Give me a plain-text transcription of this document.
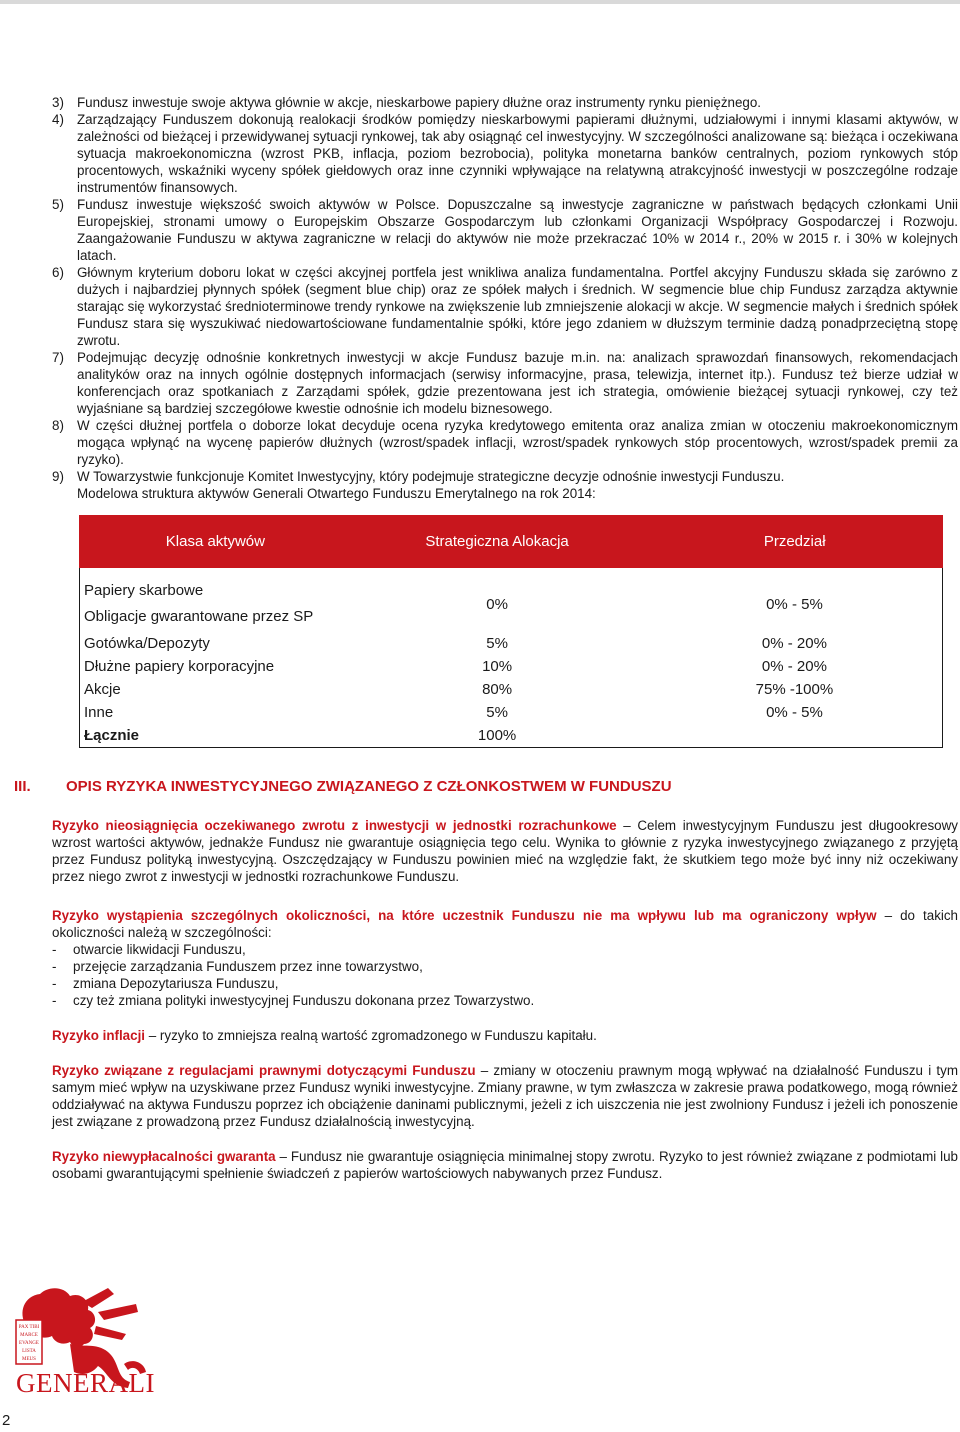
3) Fundusz inwestuje swoje aktywa głównie w akcje, nieskarbowe papiery dłużne oraz instrumenty rynku pieniężnego.
4) Zarządzający Funduszem dokonują realokacji środków pomiędzy nieskarbowymi papierami dłużnymi, udziałowymi i innymi klasami aktywów, w zależności od bieżącej i przewidywanej sytuacji rynkowej, tak aby osiągnąć cel inwestycyjny. W szczególności analizowane są: bieżąca i oczekiwana sytuacja makroekonomiczna (wzrost PKB, inflacja, poziom bezrobocia), polityka monetarna banków centralnych, poziom rynkowych stóp procentowych, wskaźniki wyceny spółek giełdowych oraz inne czynniki wpływające na relatywną atrakcyjność inwestycji w poszczególne rodzaje instrumentów finansowych.
5) Fundusz inwestuje większość swoich aktywów w Polsce. Dopuszczalne są inwestycje zagraniczne w państwach będących członkami Unii Europejskiej, stronami umowy o Europejskim Obszarze Gospodarczym lub członkami Organizacji Współpracy Gospodarczej i Rozwoju. Zaangażowanie Funduszu w aktywa zagraniczne w relacji do aktywów nie może przekraczać 10% w 2014 r., 20% w 2015 r. i 30% w kolejnych latach.
6) Głównym kryterium doboru lokat w części akcyjnej portfela jest wnikliwa analiza fundamentalna. Portfel akcyjny Funduszu składa się zarówno z dużych i najbardziej płynnych spółek (segment blue chip) oraz ze spółek małych i średnich. W segmencie blue chip Fundusz zarządza aktywnie starając się wykorzystać średnioterminowe trendy rynkowe na zwiększenie lub zmniejszenie alokacji w akcje. W segmencie małych i średnich spółek Fundusz stara się wyszukiwać niedowartościowane fundamentalnie spółki, które jego zdaniem w dłuższym terminie dadzą ponadprzeciętną stopę zwrotu.
7) Podejmując decyzję odnośnie konkretnych inwestycji w akcje Fundusz bazuje m.in. na: analizach sprawozdań finansowych, rekomendacjach analityków oraz na innych ogólnie dostępnych informacjach (serwisy informacyjne, prasa, telewizja, internet itp.). Fundusz też bierze udział w konferencjach oraz spotkaniach z Zarządami spółek, gdzie prezentowana jest ich strategia, omówienie bieżącej sytuacji rynkowej, czy też wyjaśniane są bardziej szczegółowe kwestie odnośnie ich modelu biznesowego.
8) W części dłużnej portfela o doborze lokat decyduje ocena ryzyka kredytowego emitenta oraz analiza zmian w otoczeniu makroekonomicznym mogąca wpłynąć na wycenę papierów dłużnych (wzrost/spadek inflacji, wzrost/spadek rynkowych stóp procentowych, wzrost/spadek premii za ryzyko).
9) W Towarzystwie funkcjonuje Komitet Inwestycyjny, który podejmuje strategiczne decyzje odnośnie inwestycji Funduszu.
Modelowa struktura aktywów Generali Otwartego Funduszu Emerytalnego na rok 2014:
Klasa aktywów	Strategiczna Alokacja	Przedział

Papiery skarbowe
Obligacje gwarantowane przez SP	0%	0% - 5%
Gotówka/Depozyty	5%	0% - 20%
Dłużne papiery korporacyjne	10%	0% - 20%
Akcje	80%	75% -100%
Inne	5%	0% - 5%
Łącznie	100%	
III.	OPIS RYZYKA INWESTYCYJNEGO ZWIĄZANEGO Z CZŁONKOSTWEM W FUNDUSZU

Ryzyko nieosiągnięcia oczekiwanego zwrotu z inwestycji w jednostki rozrachunkowe – Celem inwestycyjnym Funduszu jest długookresowy wzrost wartości aktywów, jednakże Fundusz nie gwarantuje osiągnięcia tego celu. Wynika to głównie z ryzyka inwestycyjnego związanego z przyjętą przez Fundusz polityką inwestycyjną. Oszczędzający w Funduszu powinien mieć na względzie fakt, że skutkiem tego może być inny niż oczekiwany przez niego zwrot z inwestycji w jednostki rozrachunkowe Funduszu.

Ryzyko wystąpienia szczególnych okoliczności, na które uczestnik Funduszu nie ma wpływu lub ma ograniczony wpływ – do takich okoliczności należą w szczególności:

-	otwarcie likwidacji Funduszu,
-	przejęcie zarządzania Funduszem przez inne towarzystwo,
-	zmiana Depozytariusza Funduszu,
-	czy też zmiana polityki inwestycyjnej Funduszu dokonana przez Towarzystwo.

Ryzyko inflacji – ryzyko to zmniejsza realną wartość zgromadzonego w Funduszu kapitału.

Ryzyko związane z regulacjami prawnymi dotyczącymi Funduszu – zmiany w otoczeniu prawnym mogą wpływać na działalność Funduszu i tym samym mieć wpływ na uzyskiwane przez Fundusz wyniki inwestycyjne. Zmiany prawne, w tym zwłaszcza w zakresie prawa podatkowego, mogą również oddziaływać na aktywa Funduszu poprzez ich obciążenie daninami publicznymi, jeżeli z ich uiszczenia nie jest zwolniony Fundusz i jeżeli ich ponoszenie jest związane z prowadzoną przez Fundusz działalnością inwestycyjną.

Ryzyko niewypłacalności gwaranta – Fundusz nie gwarantuje osiągnięcia minimalnej stopy zwrotu. Ryzyko to jest również związane z podmiotami lub osobami gwarantującymi spełnienie świadczeń z papierów wartościowych nabywanych przez Fundusz.

PAX TIBI
MARCE
EVANGE
LISTA
MEUS
GENERALI
2
